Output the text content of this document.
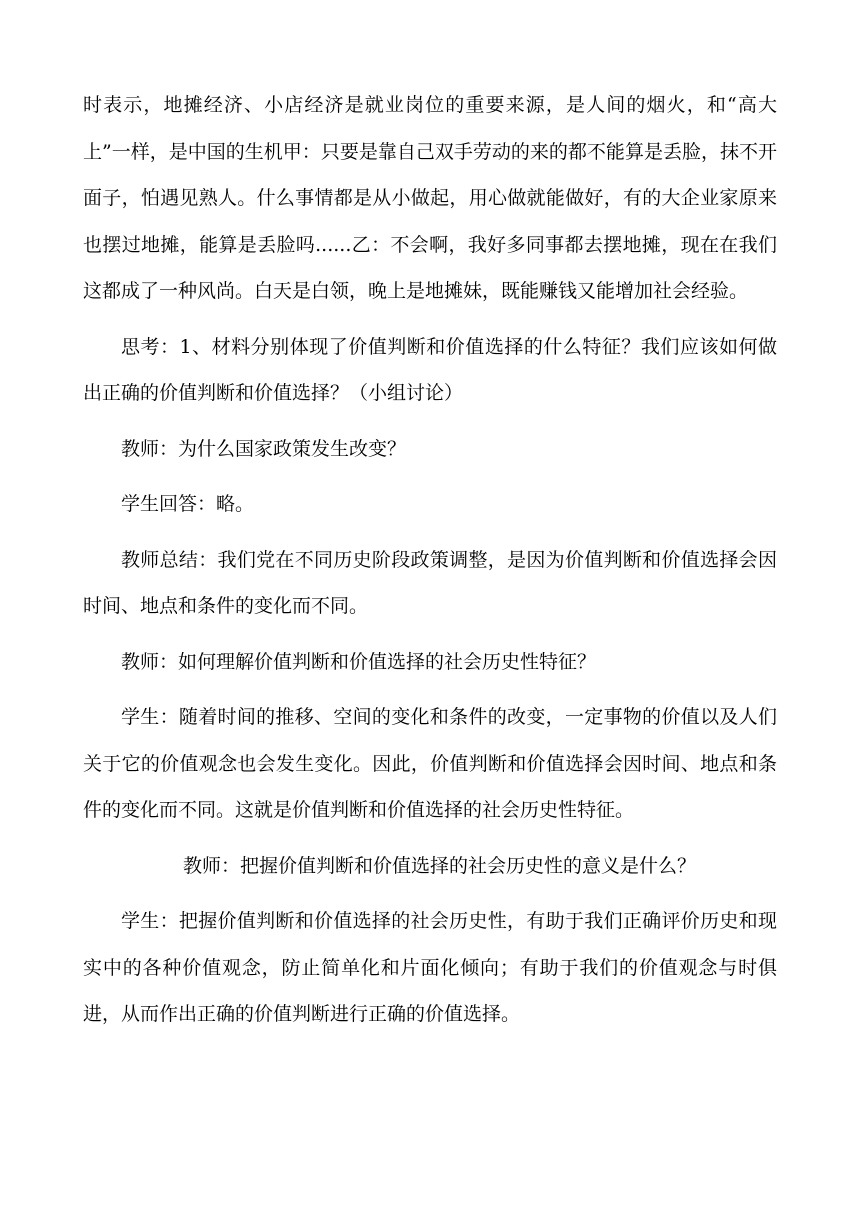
时表示，地摊经济、小店经济是就业岗位的重要来源，是人间的烟火，和“高大上”一样，是中国的生机甲：只要是靠自己双手劳动的来的都不能算是丢脸，抹不开面子，怕遇见熟人。什么事情都是从小做起，用心做就能做好，有的大企业家原来也摆过地摊，能算是丢脸吗......乙：不会啊，我好多同事都去摆地摊，现在在我们这都成了一种风尚。白天是白领，晚上是地摊妹，既能赚钱又能增加社会经验。

思考：1、材料分别体现了价值判断和价值选择的什么特征？我们应该如何做出正确的价值判断和价值选择？（小组讨论）

教师：为什么国家政策发生改变？

学生回答：略。

教师总结：我们党在不同历史阶段政策调整，是因为价值判断和价值选择会因时间、地点和条件的变化而不同。

教师：如何理解价值判断和价值选择的社会历史性特征？

学生：随着时间的推移、空间的变化和条件的改变，一定事物的价值以及人们关于它的价值观念也会发生变化。因此，价值判断和价值选择会因时间、地点和条件的变化而不同。这就是价值判断和价值选择的社会历史性特征。

教师：把握价值判断和价值选择的社会历史性的意义是什么？

学生：把握价值判断和价值选择的社会历史性，有助于我们正确评价历史和现实中的各种价值观念，防止简单化和片面化倾向；有助于我们的价值观念与时俱进，从而作出正确的价值判断进行正确的价值选择。
